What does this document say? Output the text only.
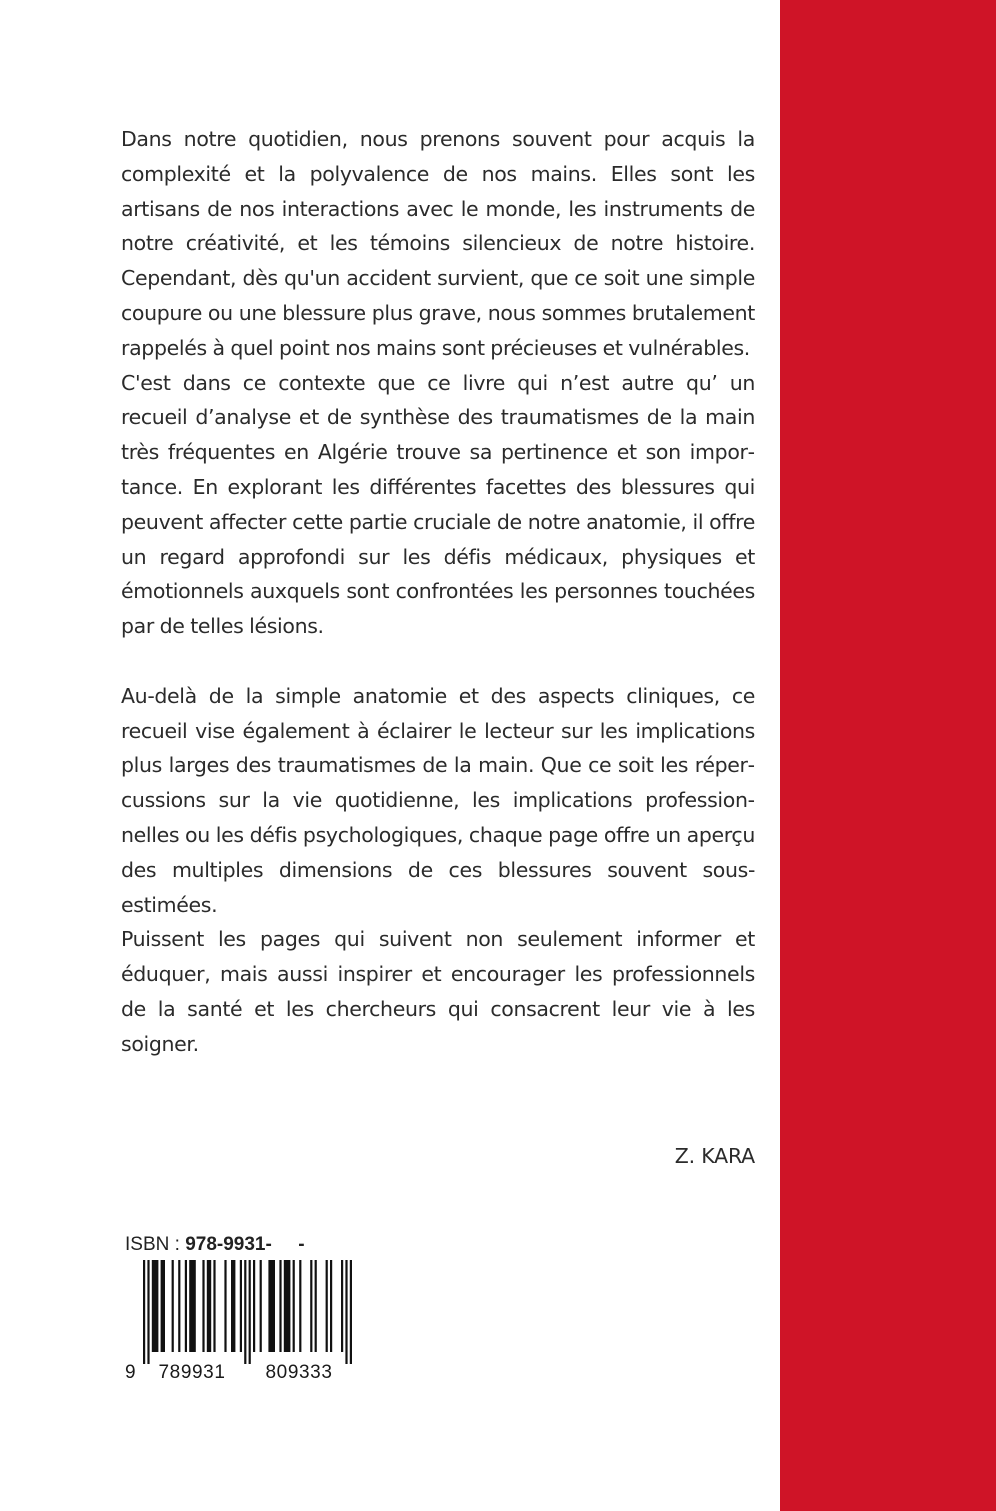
Dans notre quotidien, nous prenons souvent pour acquis la complexité et la polyvalence de nos mains. Elles sont les artisans de nos interactions avec le monde, les instruments de notre créativité, et les témoins silencieux de notre histoire. Cependant, dès qu'un accident survient, que ce soit une simple coupure ou une blessure plus grave, nous sommes brutalement rappelés à quel point nos mains sont précieuses et vulnérables.

C'est dans ce contexte que ce livre qui n’est autre qu’ un recueil d’analyse et de synthèse des traumatismes de la main très fréquentes en Algérie trouve sa pertinence et son importance. En explorant les différentes facettes des blessures qui peuvent affecter cette partie cruciale de notre anatomie, il offre un regard approfondi sur les défis médicaux, physiques et émotionnels auxquels sont confrontées les personnes touchées par de telles lésions.

Au-delà de la simple anatomie et des aspects cliniques, ce recueil vise également à éclairer le lecteur sur les implications plus larges des traumatismes de la main. Que ce soit les répercussions sur la vie quotidienne, les implications professionnelles ou les défis psychologiques, chaque page offre un aperçu des multiples dimensions de ces blessures souvent sous-estimées.

Puissent les pages qui suivent non seulement informer et éduquer, mais aussi inspirer et encourager les professionnels de la santé et les chercheurs qui consacrent leur vie à les soigner.

Z. KARA
ISBN : 978-9931-     -
9 789931 809333
